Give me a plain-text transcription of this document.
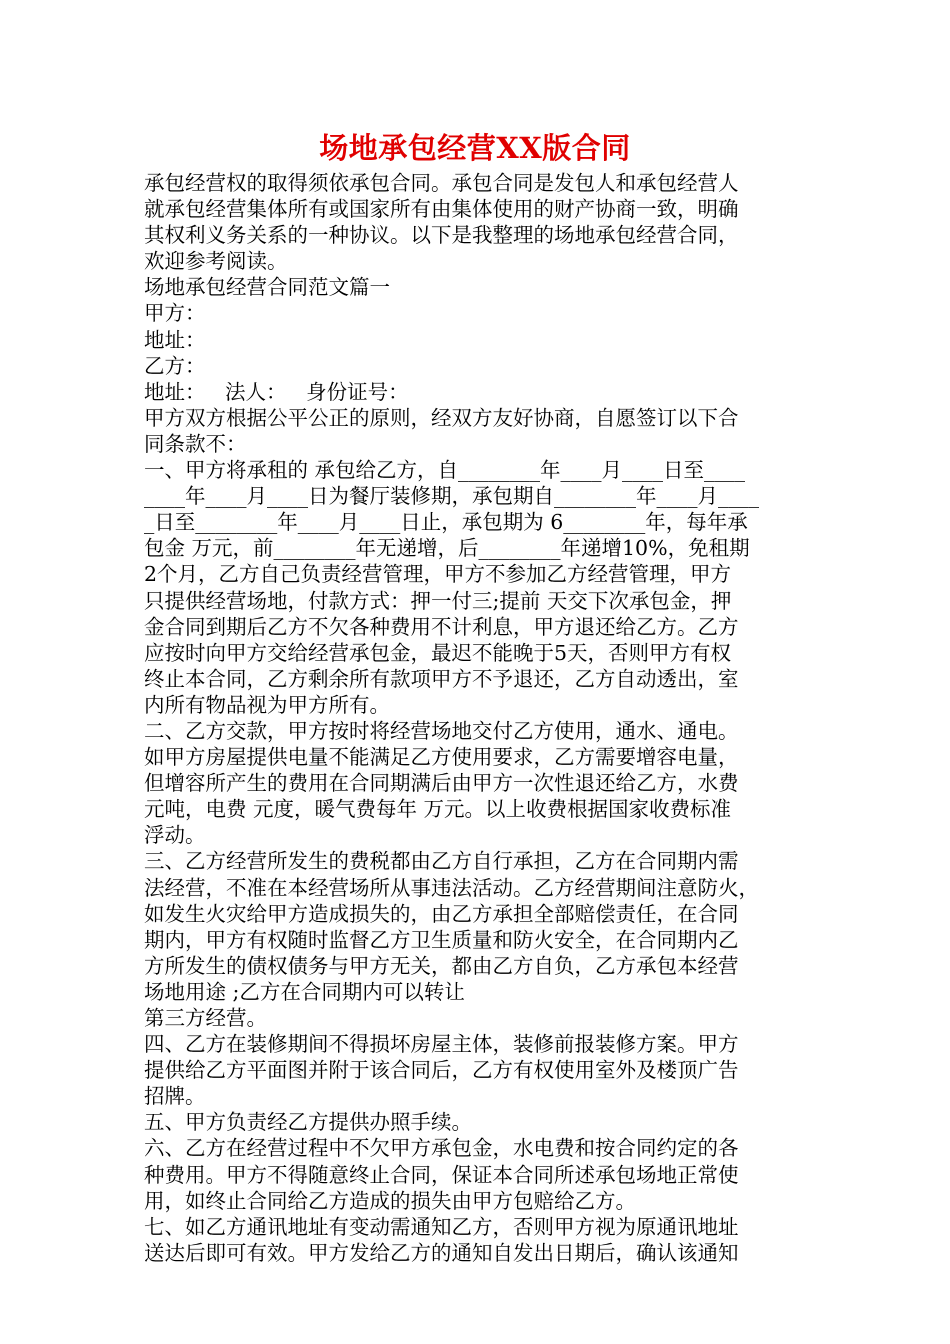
场地承包经营XX版合同
承包经营权的取得须依承包合同。承包合同是发包人和承包经营人
就承包经营集体所有或国家所有由集体使用的财产协商一致，明确
其权利义务关系的一种协议。以下是我整理的场地承包经营合同，
欢迎参考阅读。
场地承包经营合同范文篇一
甲方：
地址：
乙方：
地址：   法人：   身份证号：
甲方双方根据公平公正的原则，经双方友好协商，自愿签订以下合
同条款不：
一、甲方将承租的 承包给乙方，自________年____月____日至____
____年____月____日为餐厅装修期，承包期自________年____月____
_日至________年____月____日止，承包期为 6________年，每年承
包金 万元，前________年无递增，后________年递增10%，免租期
2个月，乙方自己负责经营管理，甲方不参加乙方经营管理，甲方
只提供经营场地，付款方式：押一付三;提前 天交下次承包金，押
金合同到期后乙方不欠各种费用不计利息，甲方退还给乙方。乙方
应按时向甲方交给经营承包金，最迟不能晚于5天，否则甲方有权
终止本合同，乙方剩余所有款项甲方不予退还，乙方自动透出，室
内所有物品视为甲方所有。
二、乙方交款，甲方按时将经营场地交付乙方使用，通水、通电。
如甲方房屋提供电量不能满足乙方使用要求，乙方需要增容电量，
但增容所产生的费用在合同期满后由甲方一次性退还给乙方，水费
元吨，电费 元度，暖气费每年 万元。以上收费根据国家收费标准
浮动。
三、乙方经营所发生的费税都由乙方自行承担，乙方在合同期内需
法经营，不准在本经营场所从事违法活动。乙方经营期间注意防火，
如发生火灾给甲方造成损失的，由乙方承担全部赔偿责任，在合同
期内，甲方有权随时监督乙方卫生质量和防火安全，在合同期内乙
方所发生的债权债务与甲方无关，都由乙方自负，乙方承包本经营
场地用途 ;乙方在合同期内可以转让
第三方经营。
四、乙方在装修期间不得损坏房屋主体，装修前报装修方案。甲方
提供给乙方平面图并附于该合同后，乙方有权使用室外及楼顶广告
招牌。
五、甲方负责经乙方提供办照手续。
六、乙方在经营过程中不欠甲方承包金，水电费和按合同约定的各
种费用。甲方不得随意终止合同，保证本合同所述承包场地正常使
用，如终止合同给乙方造成的损失由甲方包赔给乙方。
七、如乙方通讯地址有变动需通知乙方，否则甲方视为原通讯地址
送达后即可有效。甲方发给乙方的通知自发出日期后，确认该通知
